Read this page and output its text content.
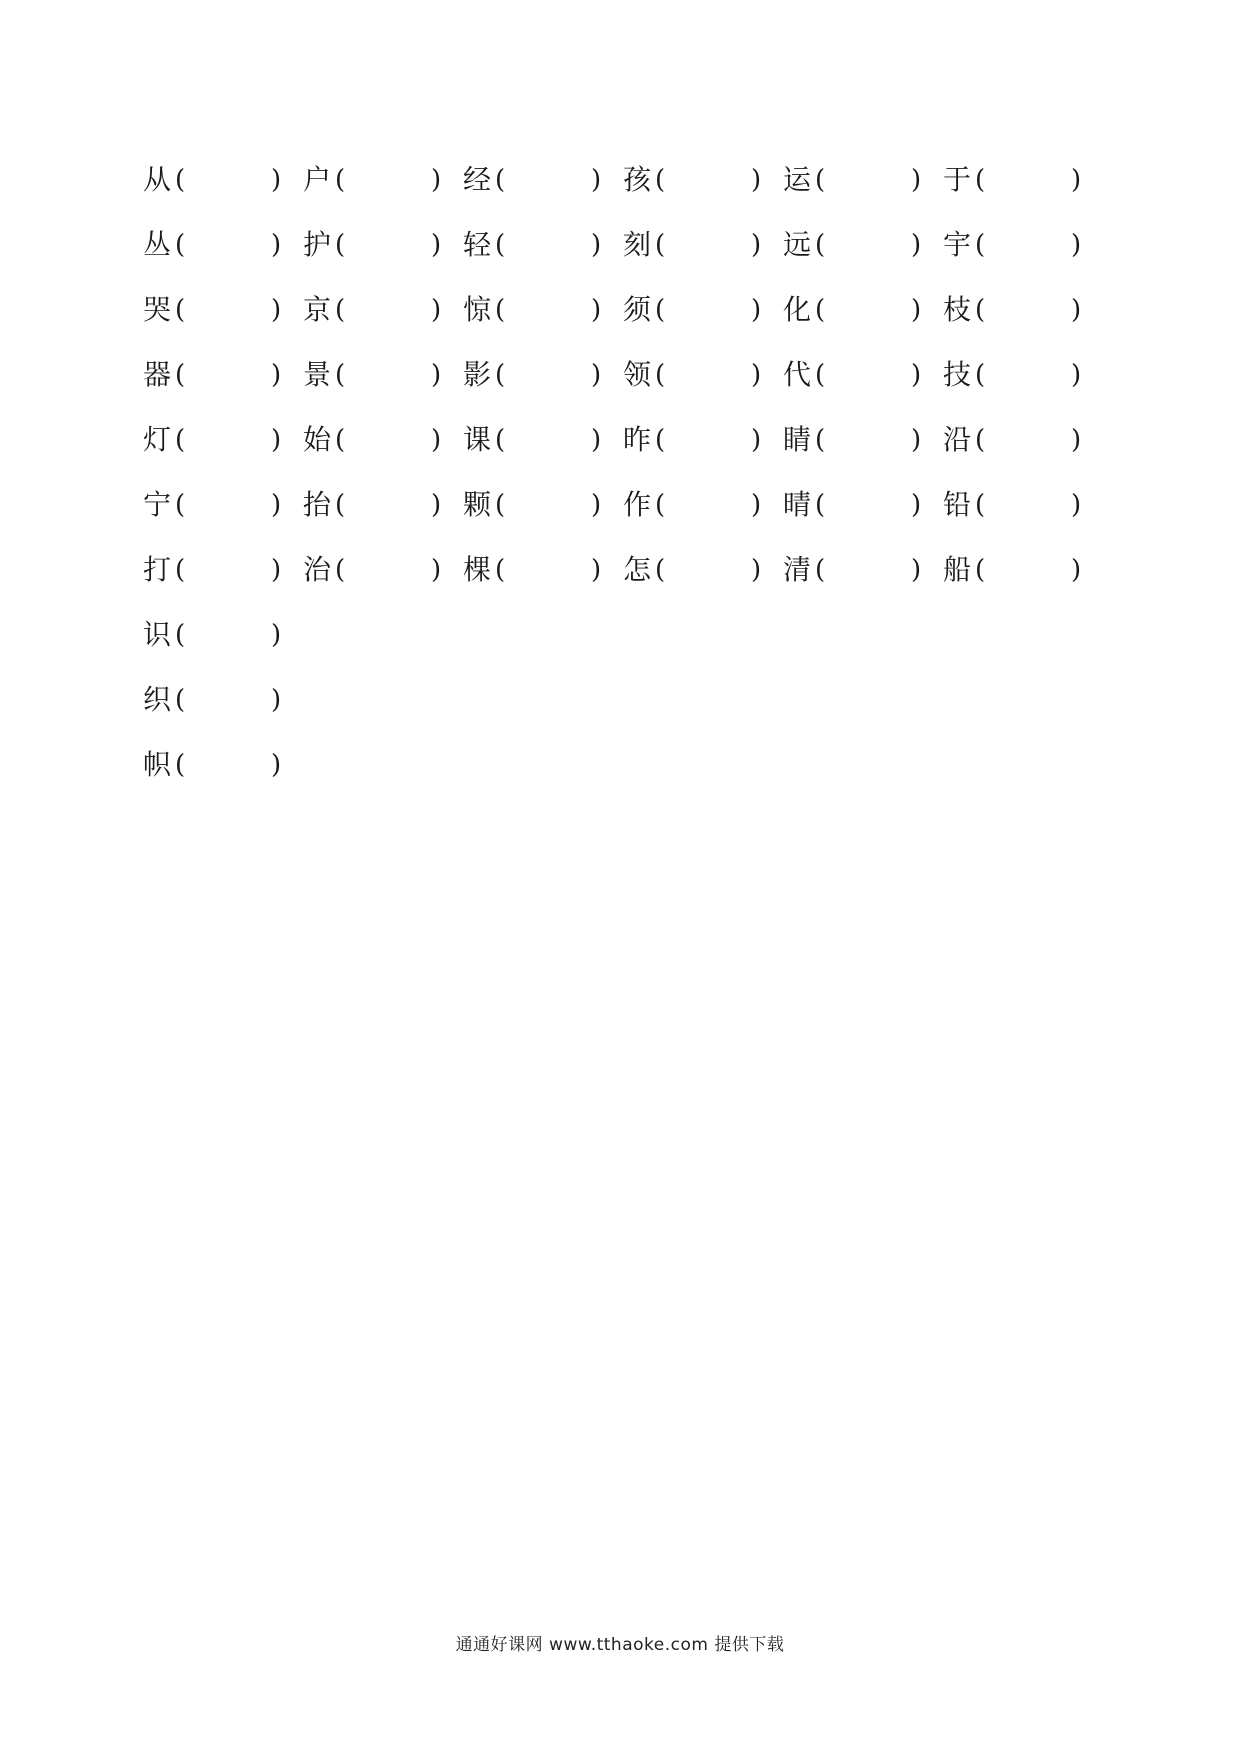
从 (	) 户 (	) 经 (	) 孩 (	) 运 (	) 于 (	)
丛 (	) 护 (	) 轻 (	) 刻 (	) 远 (	) 宇 (	)
哭 (	) 京 (	) 惊 (	) 须 (	) 化 (	) 枝 (	)
器 (	) 景 (	) 影 (	) 领 (	) 代 (	) 技 (	)
灯 (	) 始 (	) 课 (	) 昨 (	) 睛 (	) 沿 (	)
宁 (	) 抬 (	) 颗 (	) 作 (	) 晴 (	) 铅 (	)
打 (	) 治 (	) 棵 (	) 怎 (	) 清 (	) 船 (	)
识 (	)
织 (	)
帜 (	)
通通好课网 www.tthaoke.com 提供下载
